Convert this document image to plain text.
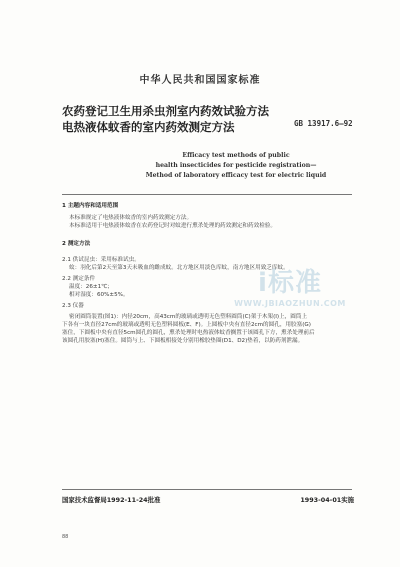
中华人民共和国国家标准
农药登记卫生用杀虫剂室内药效试验方法
电热液体蚊香的室内药效测定方法	GB 13917.6—92
Efficacy test methods of public
health insecticides for pesticide registration—
Method of laboratory efficacy test for electric liquid
1 主题内容和适用范围
本标准规定了电热液体蚊香的室内药效测定方法。
本标准适用于电热液体蚊香在农药登记时对蚊进行熏杀处理的药效测定和药效检验。
2 测定方法
2.1 供试昆虫：采用标准试虫。
蚊：羽化后第2天至第3天未吸血的雌成蚊。北方地区用淡色库蚊，南方地区用致乏库蚊。
2.2 测定条件
温度：26±1℃；
相对湿度：60%±5%。
2.3 仪器
密闭圆筒装置(图1)：内径20cm，高43cm的玻璃或透明无色塑料圆筒(C)架于木架(I)上，圆筒上
下各有一块直径27cm的玻璃或透明无色塑料圆板(E、F)。上圆板中央有直径2cm的圆孔，用胶塞(G)
塞住，下圆板中央有直径5cm圆孔的圆孔，熏杀处理时电热液体蚊香搁置于该圆孔下方，熏杀处理前后
该圆孔用胶塞(H)塞住。圆筒与上、下圆板相接处分别用橡胶垫圈(D1、D2)垫着，以防药剂泄漏。
i标准
WWW.JBIAOZHUN.COM
国家技术监督局1992-11-24批准	1993-04-01实施
88
